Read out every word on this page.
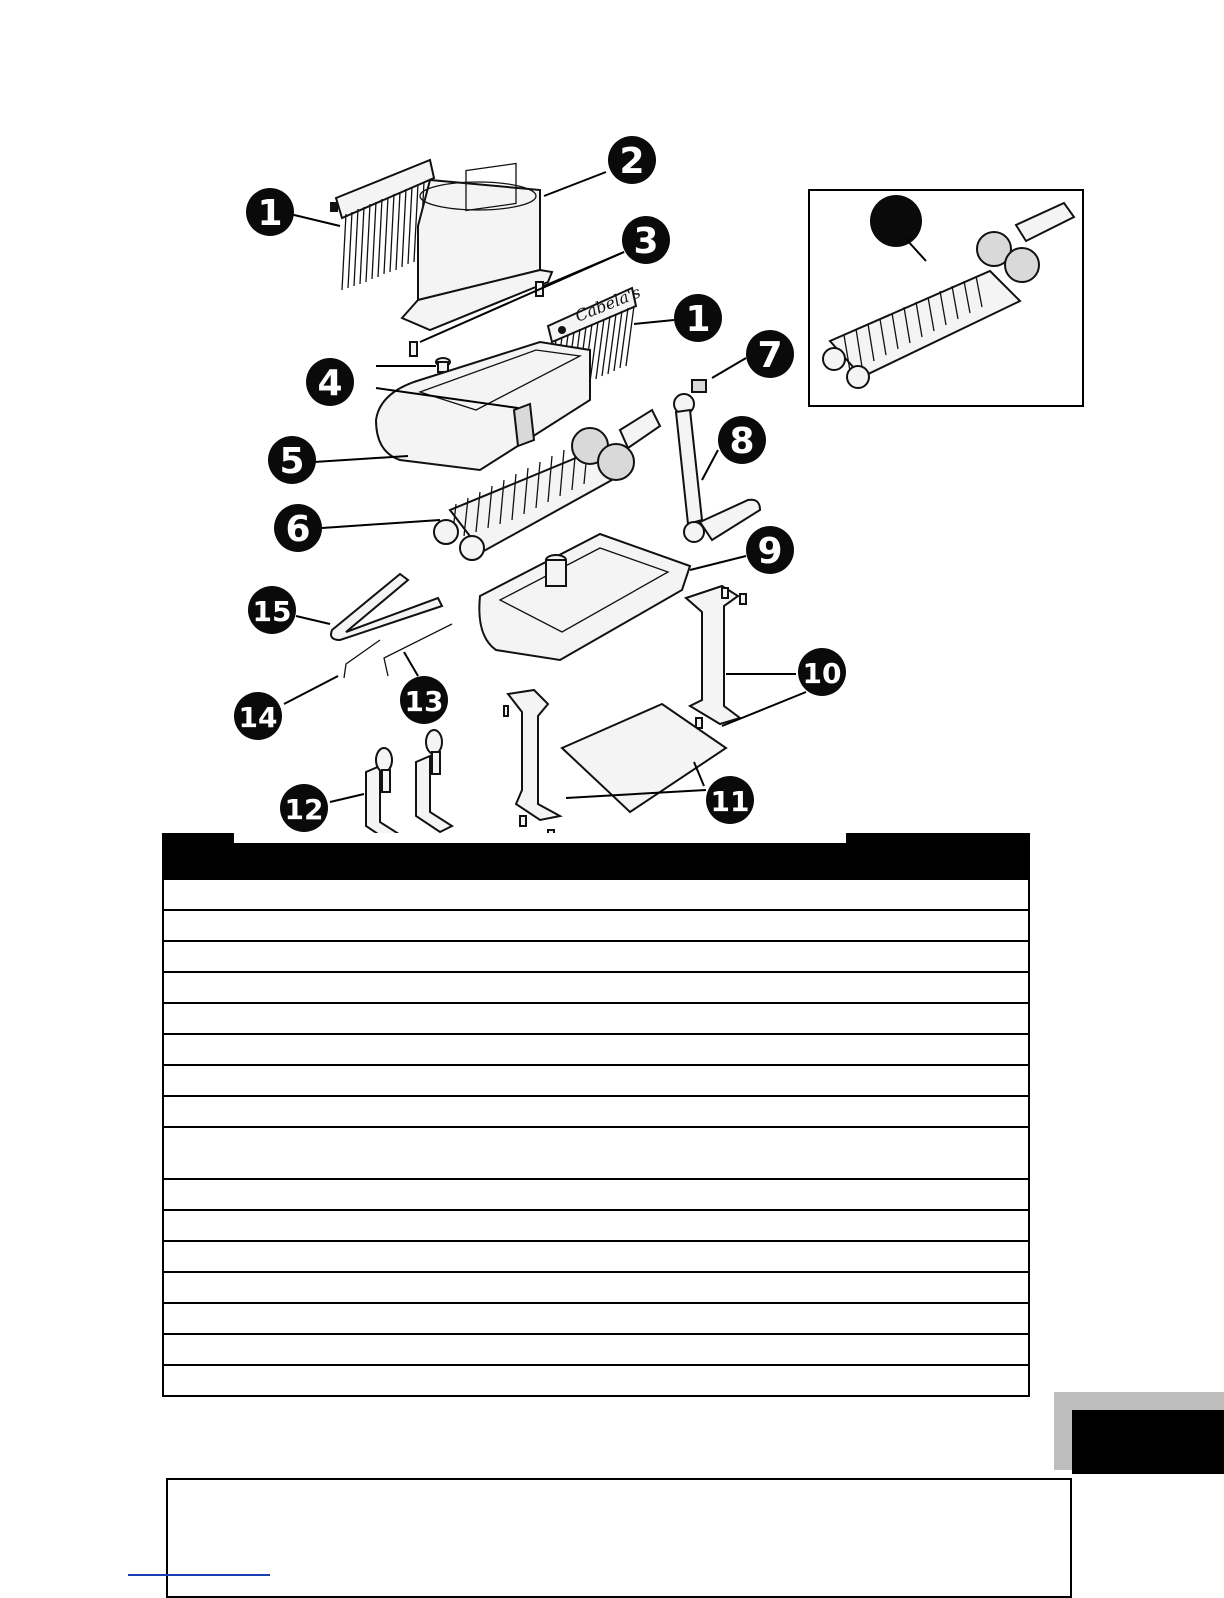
Cabela's
1
2
3
1
4
7
5	8
6
9
15
10
14	13
12	11
